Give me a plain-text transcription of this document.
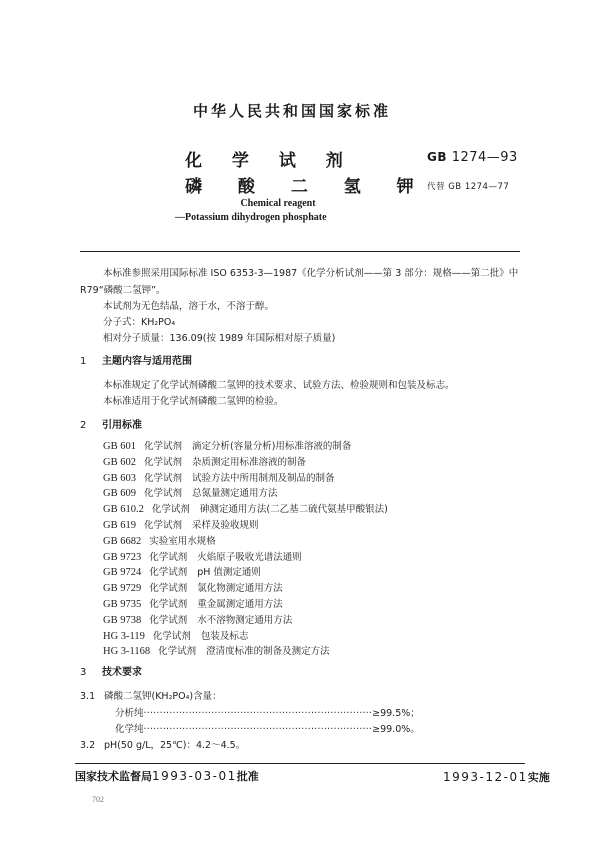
中华人民共和国国家标准
化 学 试 剂
磷 酸 二 氢 钾
GB 1274—93
代替 GB 1274—77
Chemical reagent
—Potassium dihydrogen phosphate
本标准参照采用国际标准 ISO 6353-3—1987《化学分析试剂——第 3 部分：规格——第二批》中
R79“磷酸二氢钾”。
本试剂为无色结晶，溶于水，不溶于醇。
分子式：KH₂PO₄
相对分子质量：136.09(按 1989 年国际相对原子质量)
1 主题内容与适用范围
本标准规定了化学试剂磷酸二氢钾的技术要求、试验方法、检验规则和包装及标志。
本标准适用于化学试剂磷酸二氢钾的检验。
2 引用标准
GB 601 化学试剂 滴定分析(容量分析)用标准溶液的制备
GB 602 化学试剂 杂质测定用标准溶液的制备
GB 603 化学试剂 试验方法中所用制剂及制品的制备
GB 609 化学试剂 总氮量测定通用方法
GB 610.2 化学试剂 砷测定通用方法(二乙基二硫代氨基甲酸银法)
GB 619 化学试剂 采样及验收规则
GB 6682 实验室用水规格
GB 9723 化学试剂 火焰原子吸收光谱法通则
GB 9724 化学试剂 pH 值测定通则
GB 9729 化学试剂 氯化物测定通用方法
GB 9735 化学试剂 重金属测定通用方法
GB 9738 化学试剂 水不溶物测定通用方法
HG 3-119 化学试剂 包装及标志
HG 3-1168 化学试剂 澄清度标准的制备及测定方法
3 技术要求
3.1 磷酸二氢钾(KH₂PO₄)含量：
分析纯·······································································≥99.5%；
化学纯·······································································≥99.0%。
3.2 pH(50 g/L，25℃)：4.2～4.5。
国家技术监督局1993-03-01批准	1993-12-01实施
702
